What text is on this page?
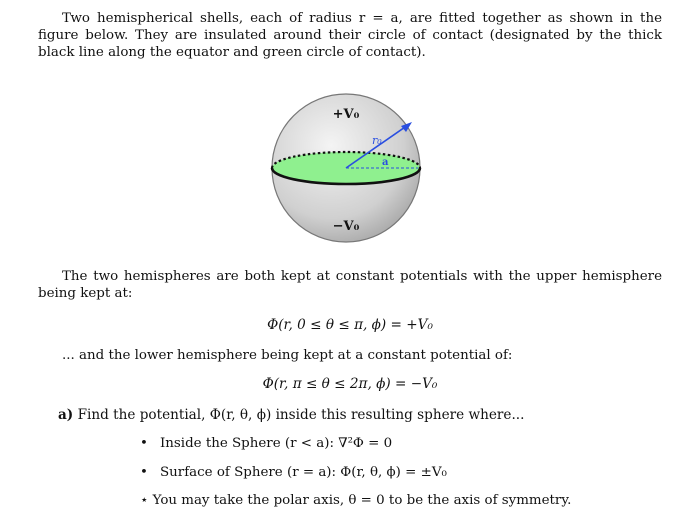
Two hemispherical shells, each of radius r = a, are fitted together as shown in the figure below. They are insulated around their circle of contact (designated by the thick black line along the equator and green circle of contact).
r₀
a
+V₀
−V₀
The two hemispheres are both kept at constant potentials with the upper hemisphere being kept at:
Φ(r, 0 ≤ θ ≤ π, ϕ) = +V₀
... and the lower hemisphere being kept at a constant potential of:
Φ(r, π ≤ θ ≤ 2π, ϕ) = −V₀
a) Find the potential, Φ(r, θ, ϕ) inside this resulting sphere where...
• Inside the Sphere (r < a): ∇²Φ = 0
• Surface of Sphere (r = a): Φ(r, θ, ϕ) = ±V₀
⋆ You may take the polar axis, θ = 0 to be the axis of symmetry.
